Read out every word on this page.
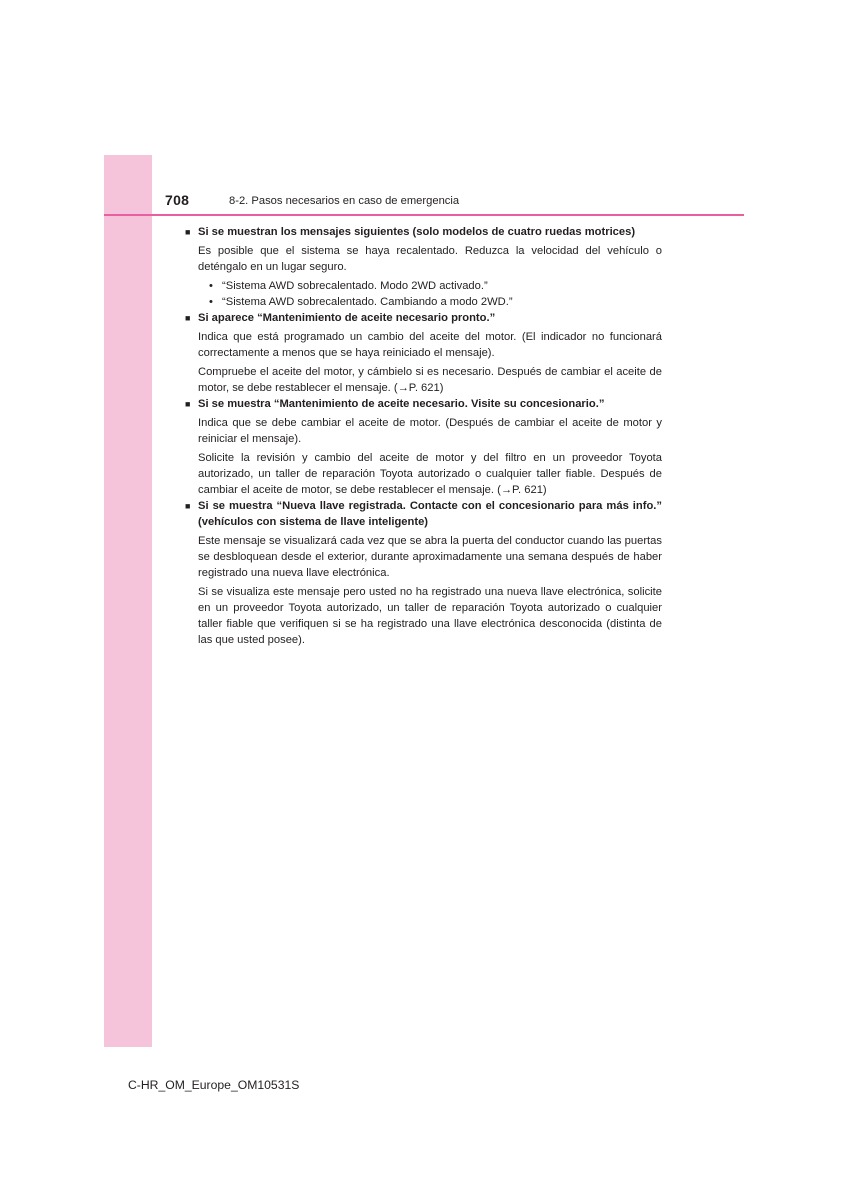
708	8-2. Pasos necesarios en caso de emergencia
■ Si se muestran los mensajes siguientes (solo modelos de cuatro ruedas motrices)

Es posible que el sistema se haya recalentado. Reduzca la velocidad del vehículo o deténgalo en un lugar seguro.

• “Sistema AWD sobrecalentado. Modo 2WD activado.”
• “Sistema AWD sobrecalentado. Cambiando a modo 2WD.”
■ Si aparece “Mantenimiento de aceite necesario pronto.”

Indica que está programado un cambio del aceite del motor. (El indicador no funcionará correctamente a menos que se haya reiniciado el mensaje).

Compruebe el aceite del motor, y cámbielo si es necesario. Después de cambiar el aceite de motor, se debe restablecer el mensaje. (→P. 621)

■ Si se muestra “Mantenimiento de aceite necesario. Visite su concesionario.”

Indica que se debe cambiar el aceite de motor. (Después de cambiar el aceite de motor y reiniciar el mensaje).

Solicite la revisión y cambio del aceite de motor y del filtro en un proveedor Toyota autorizado, un taller de reparación Toyota autorizado o cualquier taller fiable. Después de cambiar el aceite de motor, se debe restablecer el mensaje. (→P. 621)

■ Si se muestra “Nueva llave registrada. Contacte con el concesionario para más info.” (vehículos con sistema de llave inteligente)

Este mensaje se visualizará cada vez que se abra la puerta del conductor cuando las puertas se desbloquean desde el exterior, durante aproximadamente una semana después de haber registrado una nueva llave electrónica.

Si se visualiza este mensaje pero usted no ha registrado una nueva llave electrónica, solicite en un proveedor Toyota autorizado, un taller de reparación Toyota autorizado o cualquier taller fiable que verifiquen si se ha registrado una llave electrónica desconocida (distinta de las que usted posee).

C-HR_OM_Europe_OM10531S
